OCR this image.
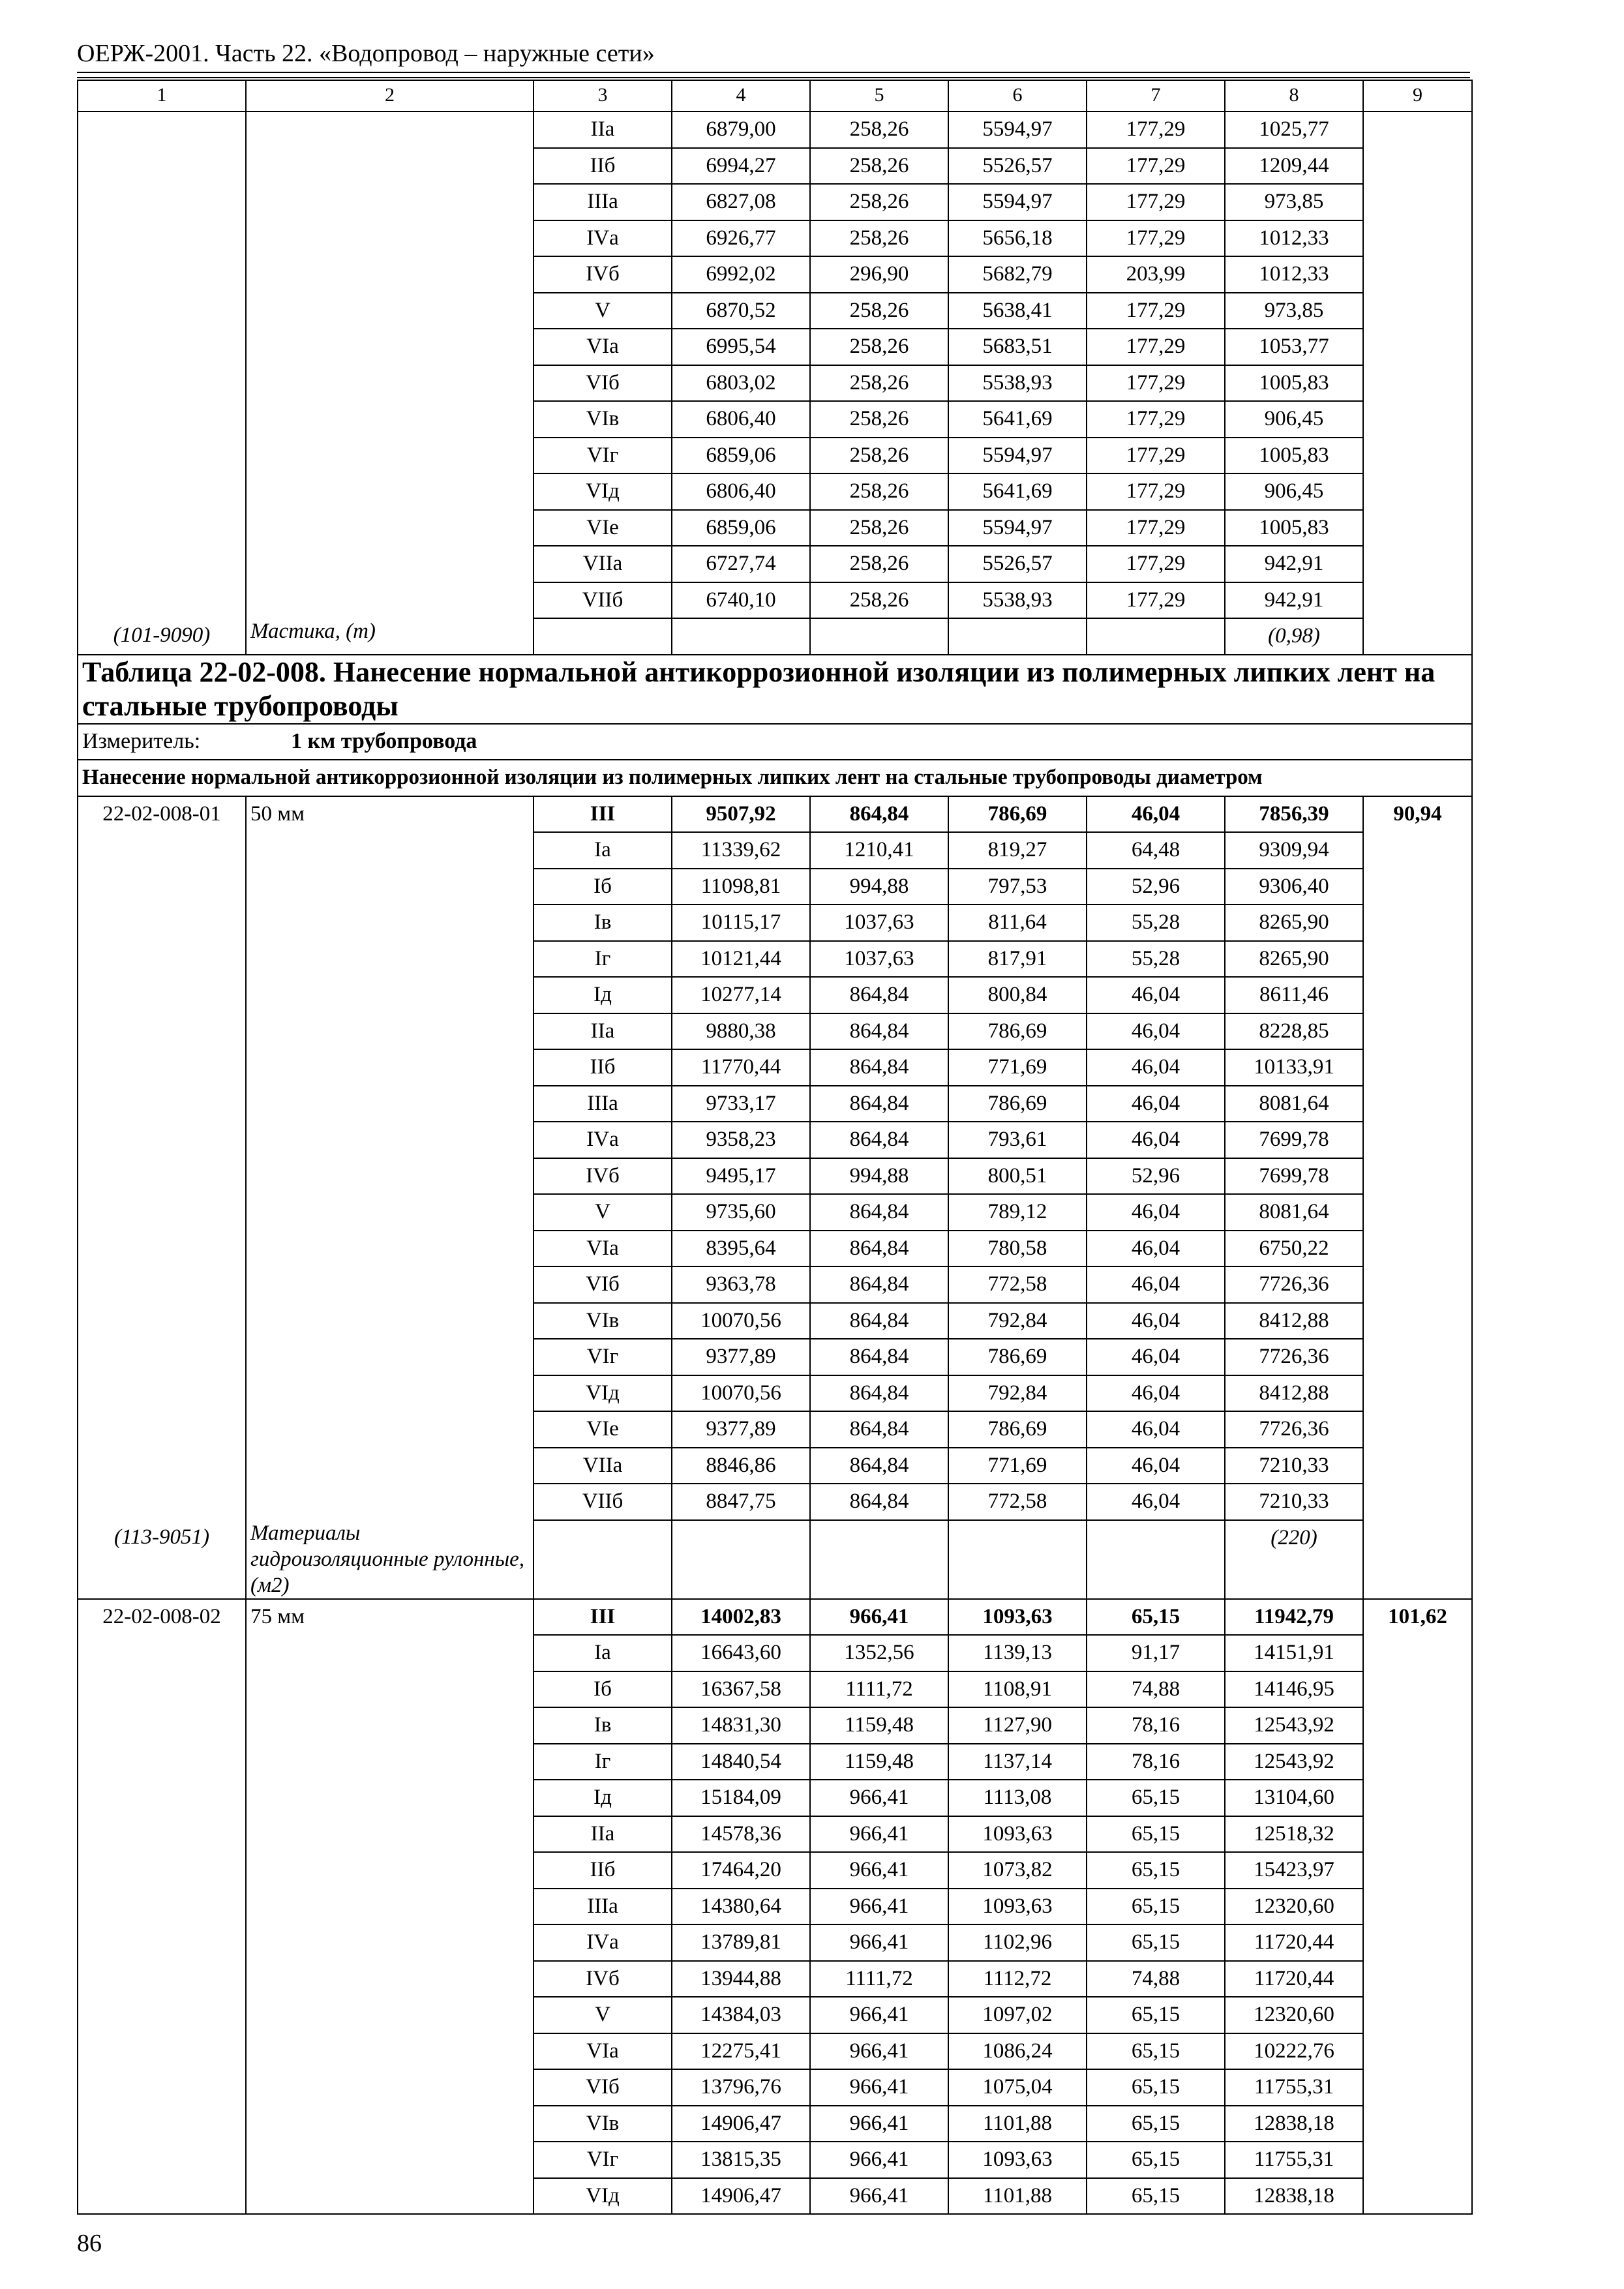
ОЕРЖ-2001. Часть 22. «Водопровод – наружные сети»
1	2	3	4	5	6	7	8	9
		IIа	6879,00	258,26	5594,97	177,29	1025,77	
		IIб	6994,27	258,26	5526,57	177,29	1209,44	
		IIIа	6827,08	258,26	5594,97	177,29	973,85	
		IVа	6926,77	258,26	5656,18	177,29	1012,33	
		IVб	6992,02	296,90	5682,79	203,99	1012,33	
		V	6870,52	258,26	5638,41	177,29	973,85	
		VIа	6995,54	258,26	5683,51	177,29	1053,77	
		VIб	6803,02	258,26	5538,93	177,29	1005,83	
		VIв	6806,40	258,26	5641,69	177,29	906,45	
		VIг	6859,06	258,26	5594,97	177,29	1005,83	
		VIд	6806,40	258,26	5641,69	177,29	906,45	
		VIе	6859,06	258,26	5594,97	177,29	1005,83	
		VIIа	6727,74	258,26	5526,57	177,29	942,91	
		VIIб	6740,10	258,26	5538,93	177,29	942,91	
(101-9090)	Мастика, (т)						(0,98)	
Таблица 22-02-008. Нанесение нормальной антикоррозионной изоляции из полимерных липких лент на стальные трубопроводы								
Измеритель: 1 км трубопровода								
Нанесение нормальной антикоррозионной изоляции из полимерных липких лент на стальные трубопроводы диаметром								
22-02-008-01	50 мм	III	9507,92	864,84	786,69	46,04	7856,39	90,94
		Iа	11339,62	1210,41	819,27	64,48	9309,94	
		Iб	11098,81	994,88	797,53	52,96	9306,40	
		Iв	10115,17	1037,63	811,64	55,28	8265,90	
		Iг	10121,44	1037,63	817,91	55,28	8265,90	
		Iд	10277,14	864,84	800,84	46,04	8611,46	
		IIа	9880,38	864,84	786,69	46,04	8228,85	
		IIб	11770,44	864,84	771,69	46,04	10133,91	
		IIIа	9733,17	864,84	786,69	46,04	8081,64	
		IVа	9358,23	864,84	793,61	46,04	7699,78	
		IVб	9495,17	994,88	800,51	52,96	7699,78	
		V	9735,60	864,84	789,12	46,04	8081,64	
		VIа	8395,64	864,84	780,58	46,04	6750,22	
		VIб	9363,78	864,84	772,58	46,04	7726,36	
		VIв	10070,56	864,84	792,84	46,04	8412,88	
		VIг	9377,89	864,84	786,69	46,04	7726,36	
		VIд	10070,56	864,84	792,84	46,04	8412,88	
		VIе	9377,89	864,84	786,69	46,04	7726,36	
		VIIа	8846,86	864,84	771,69	46,04	7210,33	
		VIIб	8847,75	864,84	772,58	46,04	7210,33	
(113-9051)	Материалы гидроизоляционные рулонные, (м2)						(220)	
22-02-008-02	75 мм	III	14002,83	966,41	1093,63	65,15	11942,79	101,62
		Iа	16643,60	1352,56	1139,13	91,17	14151,91	
		Iб	16367,58	1111,72	1108,91	74,88	14146,95	
		Iв	14831,30	1159,48	1127,90	78,16	12543,92	
		Iг	14840,54	1159,48	1137,14	78,16	12543,92	
		Iд	15184,09	966,41	1113,08	65,15	13104,60	
		IIа	14578,36	966,41	1093,63	65,15	12518,32	
		IIб	17464,20	966,41	1073,82	65,15	15423,97	
		IIIа	14380,64	966,41	1093,63	65,15	12320,60	
		IVа	13789,81	966,41	1102,96	65,15	11720,44	
		IVб	13944,88	1111,72	1112,72	74,88	11720,44	
		V	14384,03	966,41	1097,02	65,15	12320,60	
		VIа	12275,41	966,41	1086,24	65,15	10222,76	
		VIб	13796,76	966,41	1075,04	65,15	11755,31	
		VIв	14906,47	966,41	1101,88	65,15	12838,18	
		VIг	13815,35	966,41	1093,63	65,15	11755,31	
		VIд	14906,47	966,41	1101,88	65,15	12838,18	
86
